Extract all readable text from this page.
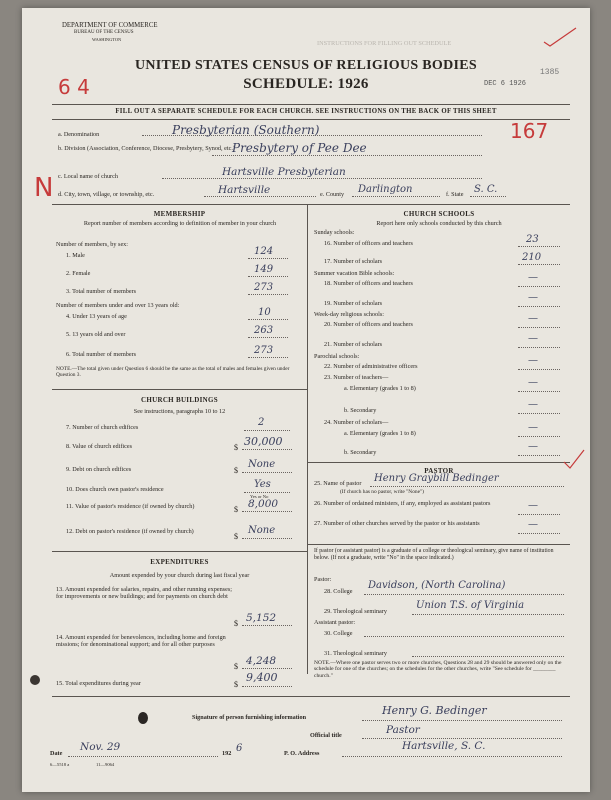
DEPARTMENT OF COMMERCE
BUREAU OF THE CENSUS
WASHINGTON
INSTRUCTIONS FOR FILLING OUT SCHEDULE
UNITED STATES CENSUS OF RELIGIOUS BODIES
SCHEDULE: 1926
6 4	DEC 6 1926
1385
FILL OUT A SEPARATE SCHEDULE FOR EACH CHURCH. SEE INSTRUCTIONS ON THE BACK OF THIS SHEET
a. Denomination	Presbyterian (Southern)	167
b. Division (Association, Conference, Diocese, Presbytery, Synod, etc.)
Presbytery of Pee Dee
c. Local name of church	Hartsville Presbyterian
N d. City, town, village, or township, etc.	Hartsville	e. County Darlington	f. State S. C.
MEMBERSHIP
Report number of members according to definition of member in your church
Number of members, by sex:
1. Male	124
2. Female	149
3. Total number of members	273
Number of members under and over 13 years old:
4. Under 13 years of age	10
5. 13 years old and over	263
6. Total number of members	273
NOTE.—The total given under Question 6 should be the same as the total of males and females given under Question 3.
CHURCH BUILDINGS
See instructions, paragraphs 10 to 12
7. Number of church edifices	2
8. Value of church edifices	$ 30,000
9. Debt on church edifices	$
None
10. Does church own pastor's residence	Yes
Yes or No
11. Value of pastor's residence (if owned by church)	$ 8,000
12. Debt on pastor's residence (if owned by church)
$
None
EXPENDITURES
Amount expended by your church during last fiscal year
13. Amount expended for salaries, repairs, and other running expenses; for improvements or new buildings; and for payments on church debt
$ 5,152
14. Amount expended for benevolences, including home and foreign missions; for denominational support; and for all other purposes
$ 4,248
15. Total expenditures during year	$
9,400
CHURCH SCHOOLS
Report here only schools conducted by this church
Sunday schools:
16. Number of officers and teachers	23
17. Number of scholars	210
Summer vacation Bible schools:
18. Number of officers and teachers
—
19. Number of scholars
—
Week-day religious schools:
20. Number of officers and teachers
—
21. Number of scholars
—
Parochial schools:
22. Number of administrative officers
—
23. Number of teachers—
a. Elementary (grades 1 to 8)
—
b. Secondary
—
24. Number of scholars—
a. Elementary (grades 1 to 8)
—
b. Secondary
—
PASTOR
25. Name of pastor Henry Graybill Bedinger
(If church has no pastor, write "None")
26. Number of ordained ministers, if any, employed as assistant pastors	—
27. Number of other churches served by the pastor or his assistants	—
If pastor (or assistant pastor) is a graduate of a college or theological seminary, give name of institution below. (If not a graduate, write "No" in the space indicated.)
Pastor:
28. College
Davidson, (North Carolina)
29. Theological seminary
Union T.S. of Virginia
Assistant pastor:
30. College
31. Theological seminary
NOTE.—Where one pastor serves two or more churches, Questions 28 and 29 should be answered only on the schedule for one of the churches; on the schedules for the other churches, write "See schedule for ________ church."
Signature of person furnishing information
Henry G. Bedinger
Official title	Pastor
Date
Nov. 29
192 6	P. O. Address
Hartsville, S. C.
6—5518 a	11—9064
